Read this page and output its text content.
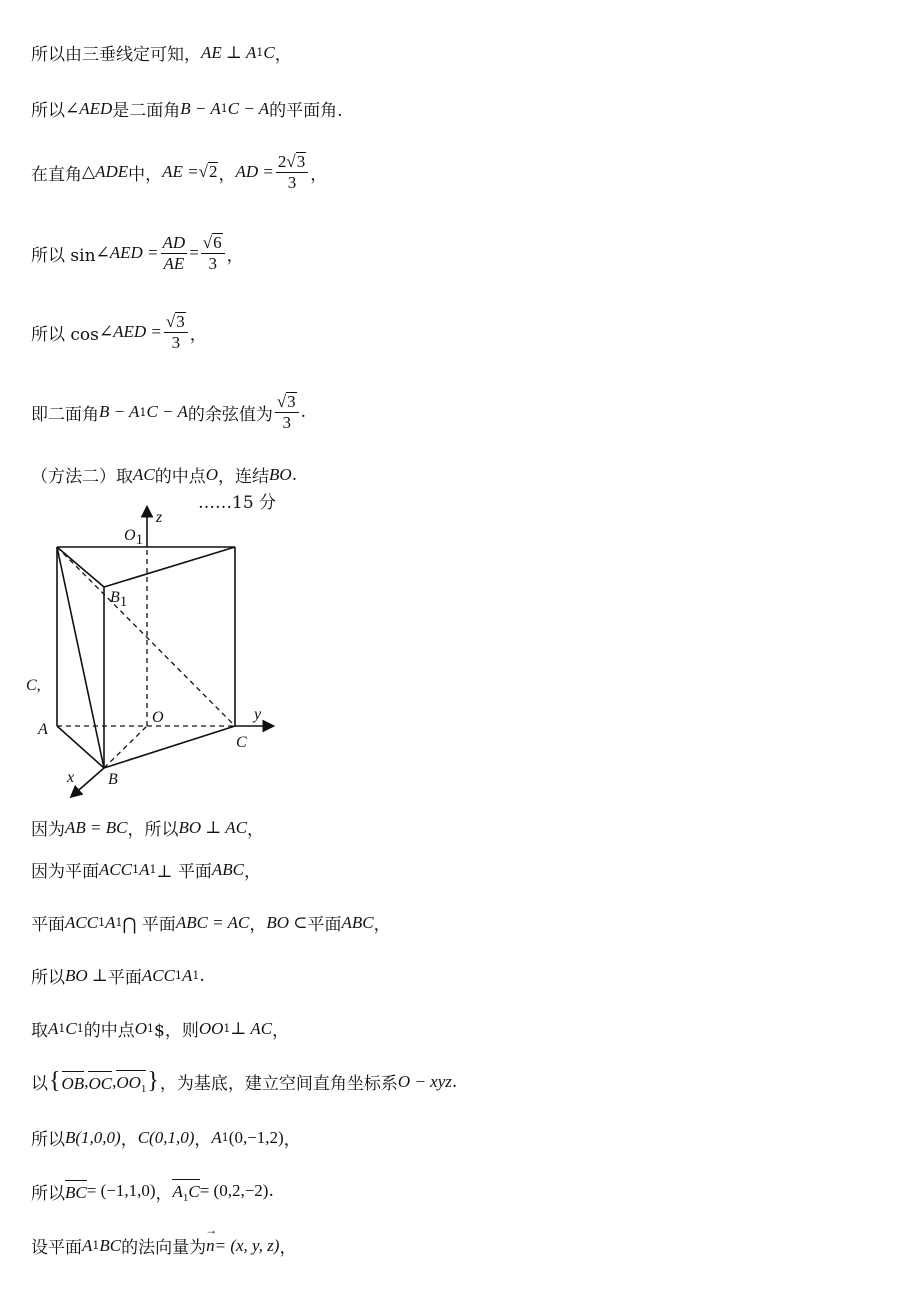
所以由三垂线定可知， AE ⊥ A 1 C ，
所以 ∠AED 是二面角 B − A 1 C − A 的平面角.
在直角 △ADE 中， AE = √ 2 ， AD = $\frac{2 √ 3}{3}$ ，
所以 sin ∠AED = $\frac{AD}{AE} = \frac{√ 6}{3}$ ，
所以 cos ∠AED = $\frac{√ 3}{3}$ ，
即二面角 B − A 1 C − A 的余弦值为 $\frac{√ 3}{3}$ .
（方法二）取 AC 的中点 O ，连结 BO .
……15 分
z
O1
B1
C,
O	y
A
C
B
x
因为 AB = BC ，所以 BO ⊥ AC ，
因为平面 ACC 1 A 1 ⊥ 平面 ABC ，
平面 ACC 1 A 1 ⋂ 平面 ABC = AC ， BO ⊂ 平面 ABC ，
所以 BO ⊥ 平面 ACC 1 A 1 .
取 A 1 C 1 的中点 O 1 $，则 OO 1 ⊥ AC ，
以 { OB , OC , $OO_1$ } ，为基底，建立空间直角坐标系 O − xyz .
所以 B(1,0,0) ， C(0,1,0) ， A 1 (0,−1,2) ，
所以 BC = (−1,1,0) ， $A_1C = (0,2,-2)$ .
设平面 A 1 BC 的法向量为 n → = (x, y, z) ，
